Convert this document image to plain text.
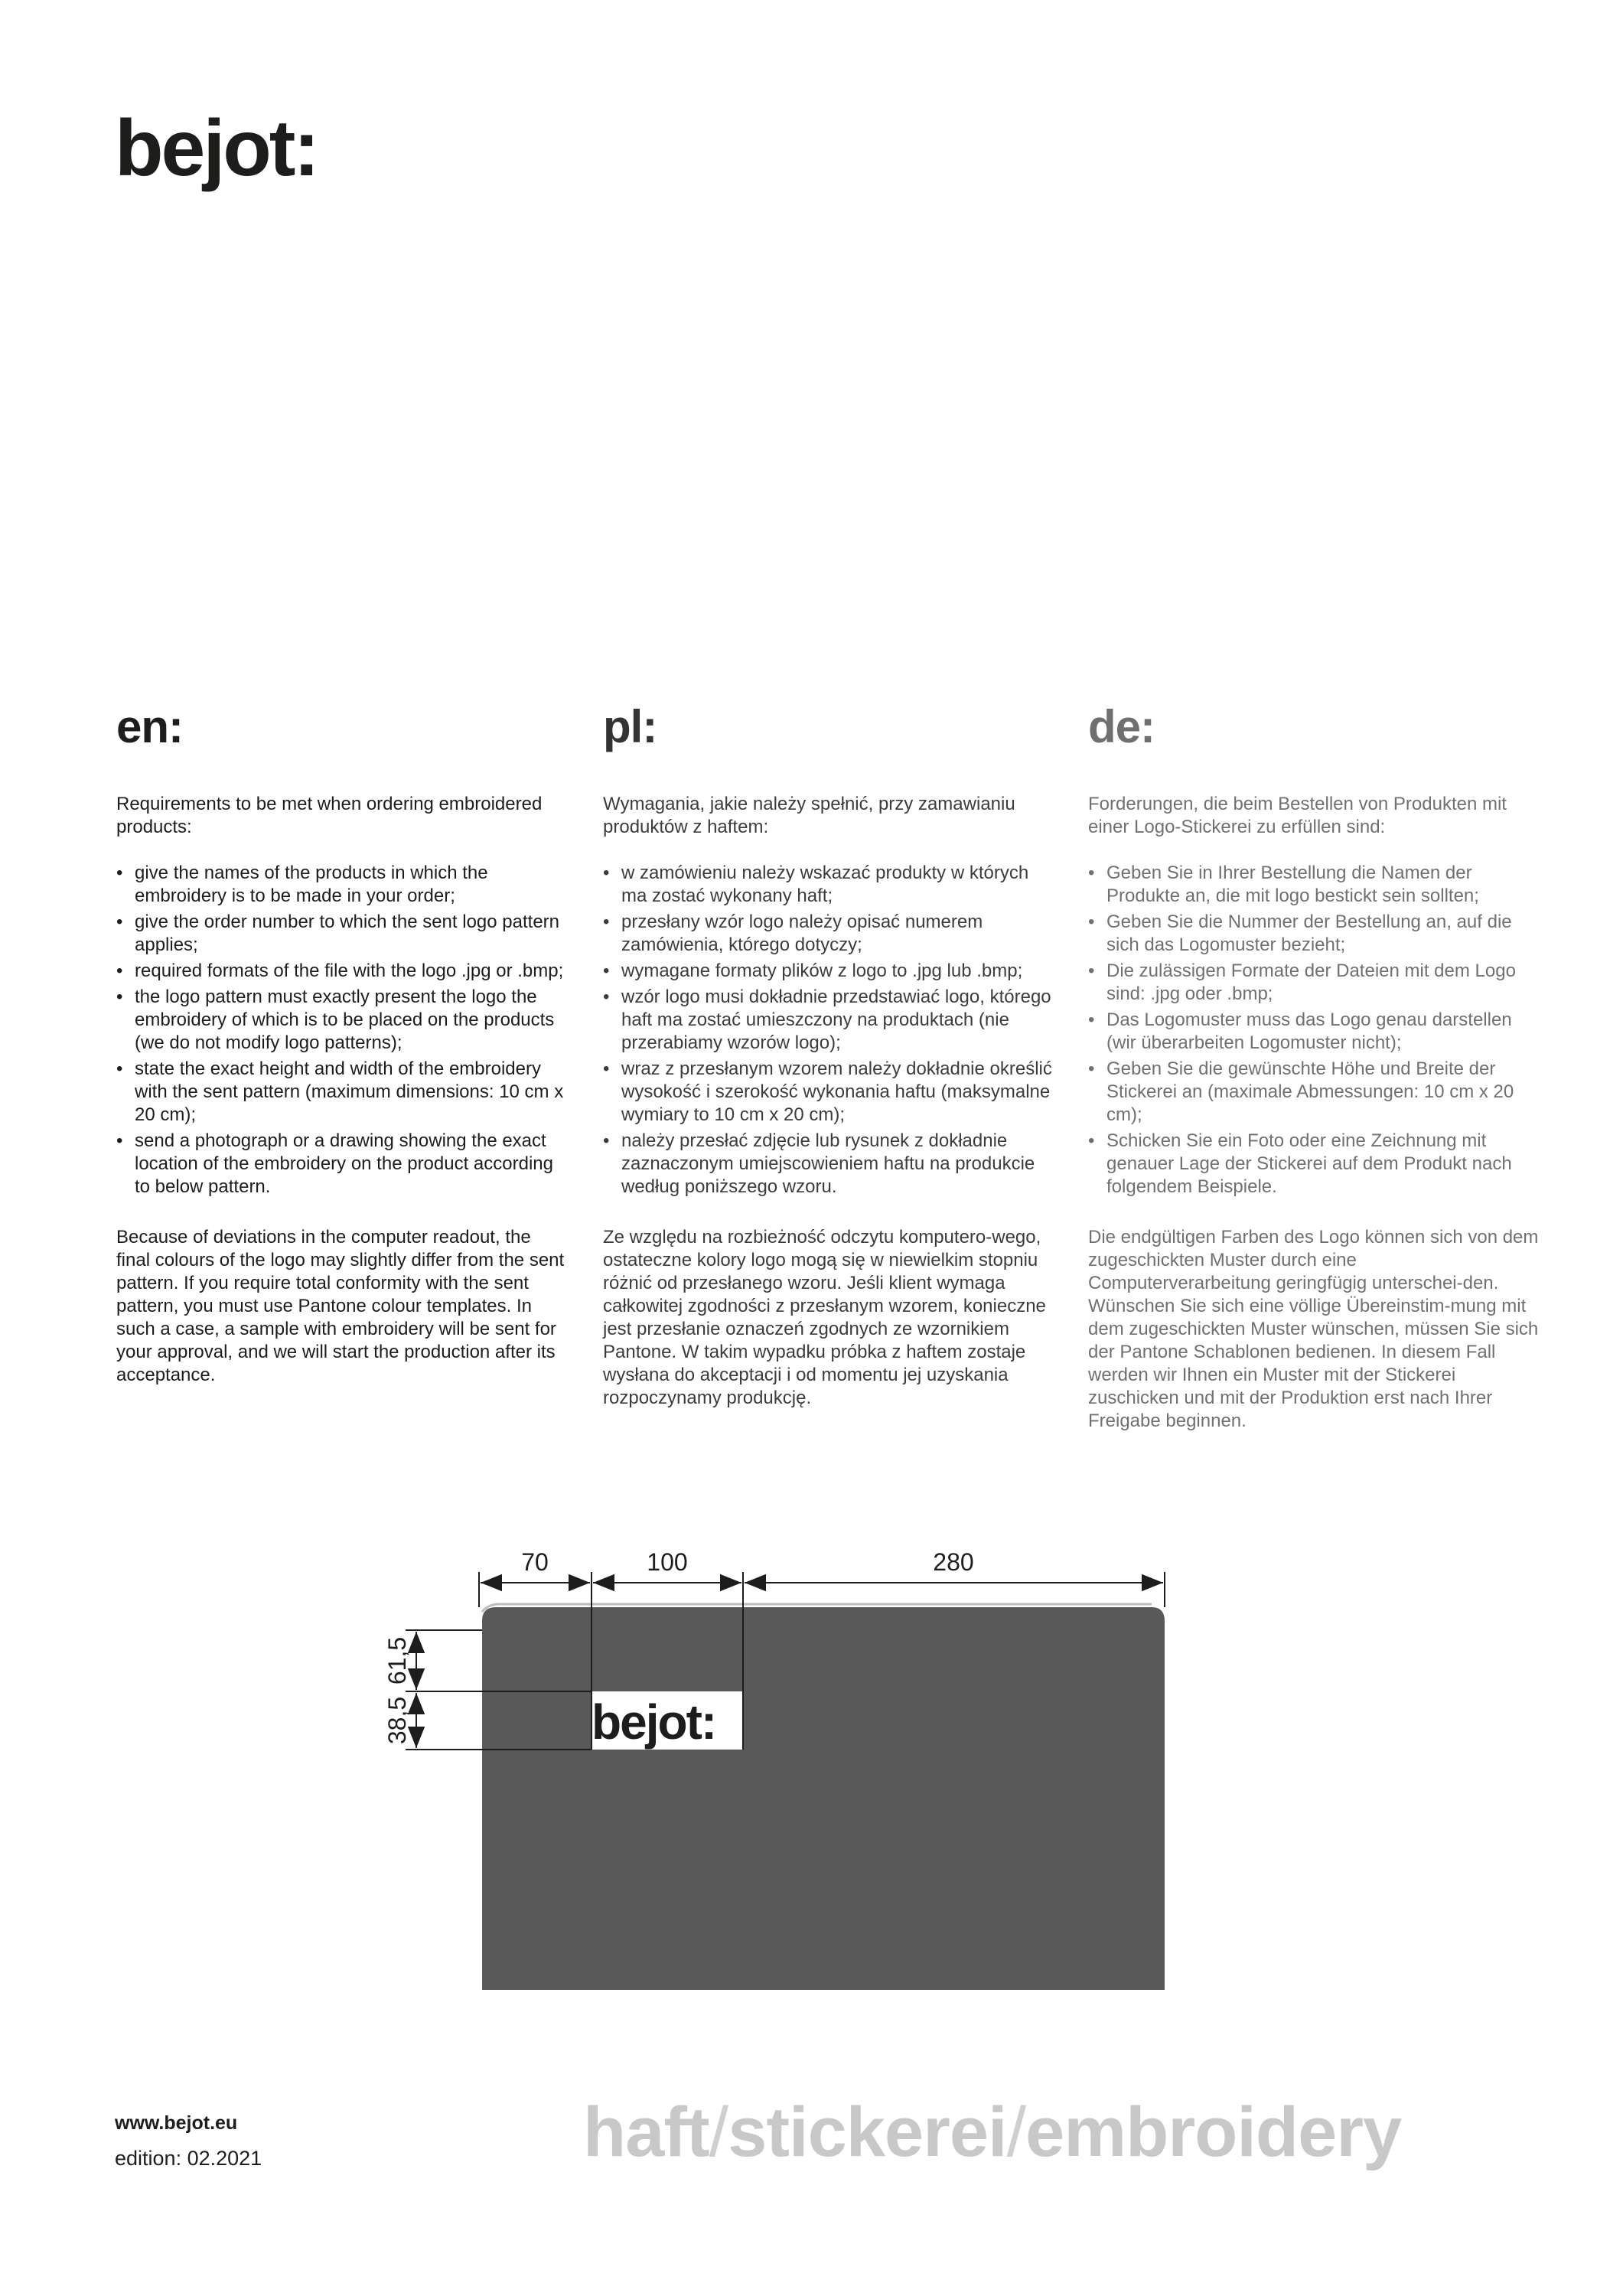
bejot:
en:

Requirements to be met when ordering embroidered products:

• give the names of the products in which the embroidery is to be made in your order;
• give the order number to which the sent logo pattern applies;
• required formats of the file with the logo .jpg or .bmp;
• the logo pattern must exactly present the logo the embroidery of which is to be placed on the products (we do not modify logo patterns);
• state the exact height and width of the embroidery with the sent pattern (maximum dimensions: 10 cm x 20 cm);
• send a photograph or a drawing showing the exact location of the embroidery on the product according to below pattern.

Because of deviations in the computer readout, the final colours of the logo may slightly differ from the sent pattern. If you require total conformity with the sent pattern, you must use Pantone colour templates. In such a case, a sample with embroidery will be sent for your approval, and we will start the production after its acceptance.

pl:

Wymagania, jakie należy spełnić, przy zamawianiu produktów z haftem:

• w zamówieniu należy wskazać produkty w których ma zostać wykonany haft;
• przesłany wzór logo należy opisać numerem zamówienia, którego dotyczy;
• wymagane formaty plików z logo to .jpg lub .bmp;
• wzór logo musi dokładnie przedstawiać logo, którego haft ma zostać umieszczony na produktach (nie przerabiamy wzorów logo);
• wraz z przesłanym wzorem należy dokładnie określić wysokość i szerokość wykonania haftu (maksymalne wymiary to 10 cm x 20 cm);
• należy przesłać zdjęcie lub rysunek z dokładnie zaznaczonym umiejscowieniem haftu na produkcie według poniższego wzoru.

Ze względu na rozbieżność odczytu komputero-wego, ostateczne kolory logo mogą się w niewielkim stopniu różnić od przesłanego wzoru. Jeśli klient wymaga całkowitej zgodności z przesłanym wzorem, konieczne jest przesłanie oznaczeń zgodnych ze wzornikiem Pantone. W takim wypadku próbka z haftem zostaje wysłana do akceptacji i od momentu jej uzyskania rozpoczynamy produkcję.

de:

Forderungen, die beim Bestellen von Produkten mit einer Logo-Stickerei zu erfüllen sind:

• Geben Sie in Ihrer Bestellung die Namen der Produkte an, die mit logo bestickt sein sollten;
• Geben Sie die Nummer der Bestellung an, auf die sich das Logomuster bezieht;
• Die zulässigen Formate der Dateien mit dem Logo sind: .jpg oder .bmp;
• Das Logomuster muss das Logo genau darstellen (wir überarbeiten Logomuster nicht);
• Geben Sie die gewünschte Höhe und Breite der Stickerei an (maximale Abmessungen: 10 cm x 20 cm);
• Schicken Sie ein Foto oder eine Zeichnung mit genauer Lage der Stickerei auf dem Produkt nach folgendem Beispiele.

Die endgültigen Farben des Logo können sich von dem zugeschickten Muster durch eine Computerverarbeitung geringfügig unterschei-den. Wünschen Sie sich eine völlige Übereinstim-mung mit dem zugeschickten Muster wünschen, müssen Sie sich der Pantone Schablonen bedienen. In diesem Fall werden wir Ihnen ein Muster mit der Stickerei zuschicken und mit der Produktion erst nach Ihrer Freigabe beginnen.

bejot:
70	100	280
61,5
38,5
www.bejot.eu
edition: 02.2021	haft/stickerei/embroidery
